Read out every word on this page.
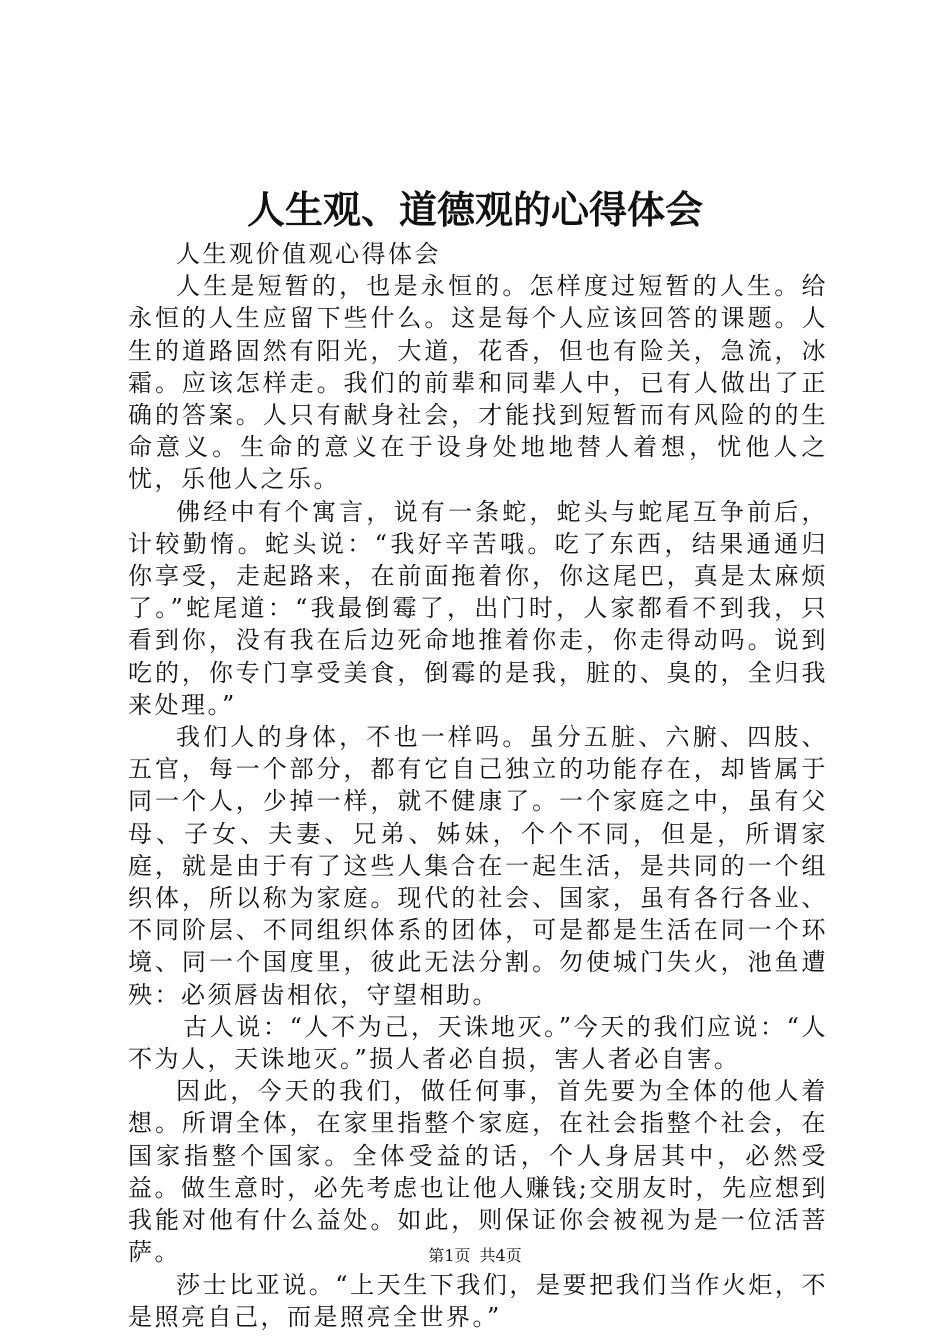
人生观、道德观的心得体会

人生观价值观心得体会

人生是短暂的，也是永恒的。怎样度过短暂的人生。给永恒的人生应留下些什么。这是每个人应该回答的课题。人生的道路固然有阳光，大道，花香，但也有险关，急流，冰霜。应该怎样走。我们的前辈和同辈人中，已有人做出了正确的答案。人只有献身社会，才能找到短暂而有风险的的生命意义。生命的意义在于设身处地地替人着想，忧他人之忧，乐他人之乐。

佛经中有个寓言，说有一条蛇，蛇头与蛇尾互争前后，计较勤惰。蛇头说：“我好辛苦哦。吃了东西，结果通通归你享受，走起路来，在前面拖着你，你这尾巴，真是太麻烦了。”蛇尾道：“我最倒霉了，出门时，人家都看不到我，只看到你，没有我在后边死命地推着你走，你走得动吗。说到吃的，你专门享受美食，倒霉的是我，脏的、臭的，全归我来处理。”

我们人的身体，不也一样吗。虽分五脏、六腑、四肢、五官，每一个部分，都有它自己独立的功能存在，却皆属于同一个人，少掉一样，就不健康了。一个家庭之中，虽有父母、子女、夫妻、兄弟、姊妹，个个不同，但是，所谓家庭，就是由于有了这些人集合在一起生活，是共同的一个组织体，所以称为家庭。现代的社会、国家，虽有各行各业、不同阶层、不同组织体系的团体，可是都是生活在同一个环境、同一个国度里，彼此无法分割。勿使城门失火，池鱼遭殃：必须唇齿相依，守望相助。

古人说：“人不为己，天诛地灭。”今天的我们应说：“人不为人，天诛地灭。”损人者必自损，害人者必自害。

因此，今天的我们，做任何事，首先要为全体的他人着想。所谓全体，在家里指整个家庭，在社会指整个社会，在国家指整个国家。全体受益的话，个人身居其中，必然受益。做生意时，必先考虑也让他人赚钱;交朋友时，先应想到我能对他有什么益处。如此，则保证你会被视为是一位活菩萨。

莎士比亚说。“上天生下我们，是要把我们当作火炬，不是照亮自己，而是照亮全世界。”

第1页 共4页
